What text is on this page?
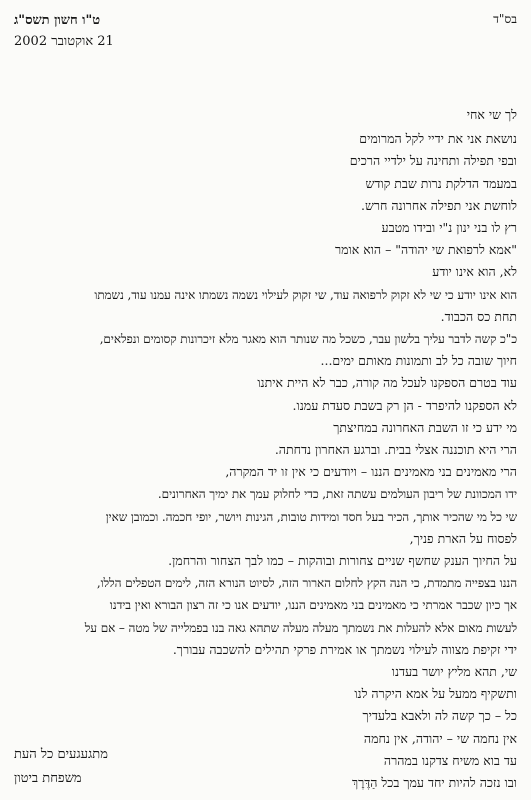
בס"ד
ט"ו חשון תשס"ג
21 אוקטובר 2002
לך שי אחי
נושאת אני את ידיי לקל המרומים
ובפי תפילה ותחינה על ילדיי הרכים
במעמד הדלקת נרות שבת קודש
לוחשת אני תפילה אחרונה חרש.
רץ לו בני ינון נ"י ובידו מטבע
"אמא לרפואת שי יהודה" – הוא אומר
לא, הוא אינו יודע
הוא אינו יודע כי שי לא זקוק לרפואה עוד, שי זקוק לעילוי נשמה נשמתו אינה עמנו עוד, נשמתו
תחת כס הכבוד.
כ"כ קשה לדבר עליך בלשון עבר, כשכל מה שנותר הוא מאגר מלא זיכרונות קסומים ונפלאים,
חיוך שובה כל לב ותמונות מאותם ימים...
עוד בטרם הספקנו לעכל מה קורה, כבר לא היית איתנו
לא הספקנו להיפרד - הן רק בשבת סעדת עמנו.
מי ידע כי זו השבת האחרונה במחיצתך
הרי היא תוכננה אצלי בבית. וברגע האחרון נדחתה.
הרי מאמינים בני מאמינים הננו – ויודעים כי אין זו יד המקרה,
ידו המכוונת של ריבון העולמים עשתה זאת, כדי לחלוק עמך את ימיך האחרונים.
שי כל מי שהכיר אותך, הכיר בעל חסד ומידות טובות, הגינות ויושר, יופי חכמה. וכמובן שאין
לפסוח על הארת פניך,
על החיוך הענק שחשף שניים צחורות ובוהקות – כמו לבך הצחור והרחמן.
הננו בצפייה מתמדת, כי הנה הקץ לחלום הארור הזה, לסיוט הנורא הזה, לימים הטפלים הללו,
אך כיון שכבר אמרתי כי מאמינים בני מאמינים הננו, יודעים אנו כי זה רצון הבורא ואין בידנו
לעשות מאום אלא להעלות את נשמתך מעלה מעלה שתהא גאה בנו בפמלייה של מטה – אם על
ידי זקיפת מצווה לעילוי נשמתך או אמירת פרקי תהילים להשכבה עבורך.
שי, תהא מליץ יושר בעדנו
ותשקיף ממעל על אמא היקרה לנו
כל – כך קשה לה ולאבא בלעדיך
אין נחמה שי – יהודה, אין נחמה
עד בוא משיח צדקנו במהרה
ובו נזכה להיות יחד עמך בכל הַדֶּרֶךְ
מתגעגעים כל העת
משפחת ביטון
